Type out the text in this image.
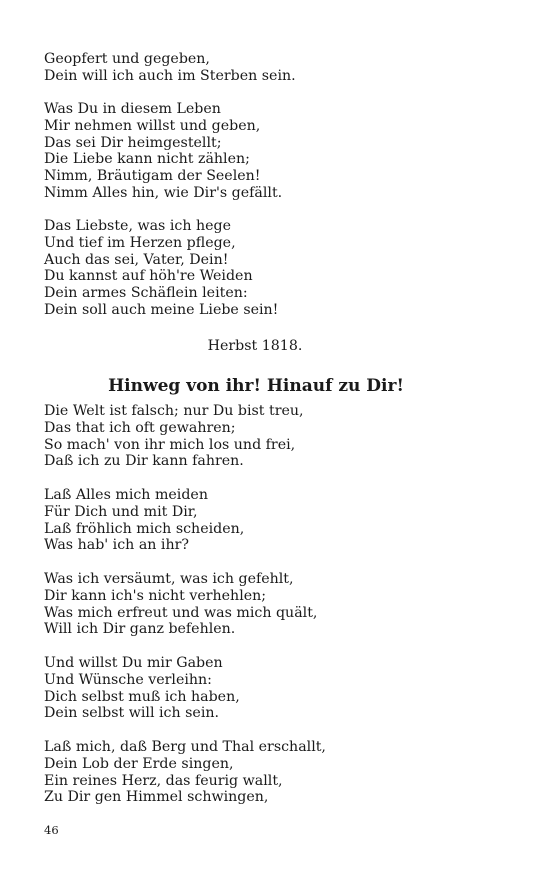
Geopfert und gegeben,
Dein will ich auch im Sterben sein.
Was Du in diesem Leben
Mir nehmen willst und geben,
Das sei Dir heimgestellt;
Die Liebe kann nicht zählen;
Nimm, Bräutigam der Seelen!
Nimm Alles hin, wie Dir's gefällt.
Das Liebste, was ich hege
Und tief im Herzen pflege,
Auch das sei, Vater, Dein!
Du kannst auf höh're Weiden
Dein armes Schäflein leiten:
Dein soll auch meine Liebe sein!
Herbst 1818.
Hinweg von ihr! Hinauf zu Dir!
Die Welt ist falsch; nur Du bist treu,
Das that ich oft gewahren;
So mach' von ihr mich los und frei,
Daß ich zu Dir kann fahren.
Laß Alles mich meiden
Für Dich und mit Dir,
Laß fröhlich mich scheiden,
Was hab' ich an ihr?
Was ich versäumt, was ich gefehlt,
Dir kann ich's nicht verhehlen;
Was mich erfreut und was mich quält,
Will ich Dir ganz befehlen.
Und willst Du mir Gaben
Und Wünsche verleihn:
Dich selbst muß ich haben,
Dein selbst will ich sein.
Laß mich, daß Berg und Thal erschallt,
Dein Lob der Erde singen,
Ein reines Herz, das feurig wallt,
Zu Dir gen Himmel schwingen,
46
